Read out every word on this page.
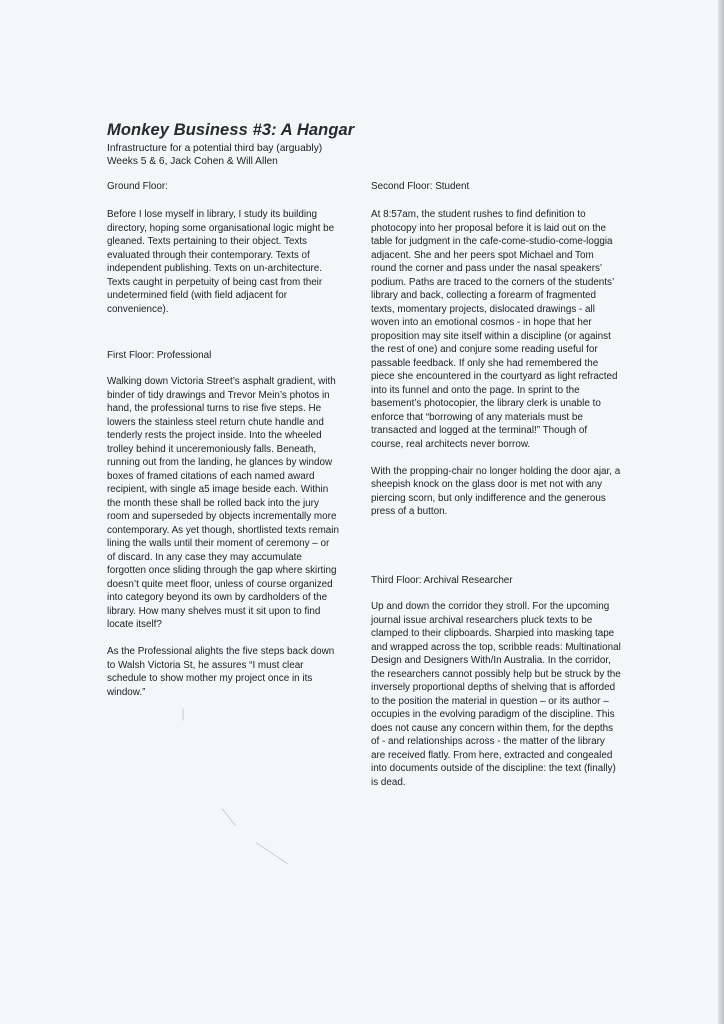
Monkey Business #3: A Hangar
Infrastructure for a potential third bay (arguably)
Weeks 5 & 6, Jack Cohen & Will Allen

Ground Floor:

Before I lose myself in library, I study its building directory, hoping some organisational logic might be gleaned. Texts pertaining to their object. Texts evaluated through their contemporary. Texts of independent publishing. Texts on un-architecture. Texts caught in perpetuity of being cast from their undetermined field (with field adjacent for convenience).

First Floor: Professional

Walking down Victoria Street’s asphalt gradient, with binder of tidy drawings and Trevor Mein’s photos in hand, the professional turns to rise five steps. He lowers the stainless steel return chute handle and tenderly rests the project inside. Into the wheeled trolley behind it unceremoniously falls. Beneath, running out from the landing, he glances by window boxes of framed citations of each named award recipient, with single a5 image beside each. Within the month these shall be rolled back into the jury room and superseded by objects incrementally more contemporary. As yet though, shortlisted texts remain lining the walls until their moment of ceremony – or of discard. In any case they may accumulate forgotten once sliding through the gap where skirting doesn’t quite meet floor, unless of course organized into category beyond its own by cardholders of the library. How many shelves must it sit upon to find locate itself?

As the Professional alights the five steps back down to Walsh Victoria St, he assures “I must clear schedule to show mother my project once in its window.”

Second Floor: Student

At 8:57am, the student rushes to find definition to photocopy into her proposal before it is laid out on the table for judgment in the cafe-come-studio-come-loggia adjacent. She and her peers spot Michael and Tom round the corner and pass under the nasal speakers’ podium. Paths are traced to the corners of the students’ library and back, collecting a forearm of fragmented texts, momentary projects, dislocated drawings - all woven into an emotional cosmos - in hope that her proposition may site itself within a discipline (or against the rest of one) and conjure some reading useful for passable feedback. If only she had remembered the piece she encountered in the courtyard as light refracted into its funnel and onto the page. In sprint to the basement’s photocopier, the library clerk is unable to enforce that “borrowing of any materials must be transacted and logged at the terminal!” Though of course, real architects never borrow.

With the propping-chair no longer holding the door ajar, a sheepish knock on the glass door is met not with any piercing scorn, but only indifference and the generous press of a button.

Third Floor: Archival Researcher

Up and down the corridor they stroll. For the upcoming journal issue archival researchers pluck texts to be clamped to their clipboards. Sharpied into masking tape and wrapped across the top, scribble reads: Multinational Design and Designers With/In Australia. In the corridor, the researchers cannot possibly help but be struck by the inversely proportional depths of shelving that is afforded to the position the material in question – or its author – occupies in the evolving paradigm of the discipline. This does not cause any concern within them, for the depths of - and relationships across - the matter of the library are received flatly. From here, extracted and congealed into documents outside of the discipline: the text (finally) is dead.
